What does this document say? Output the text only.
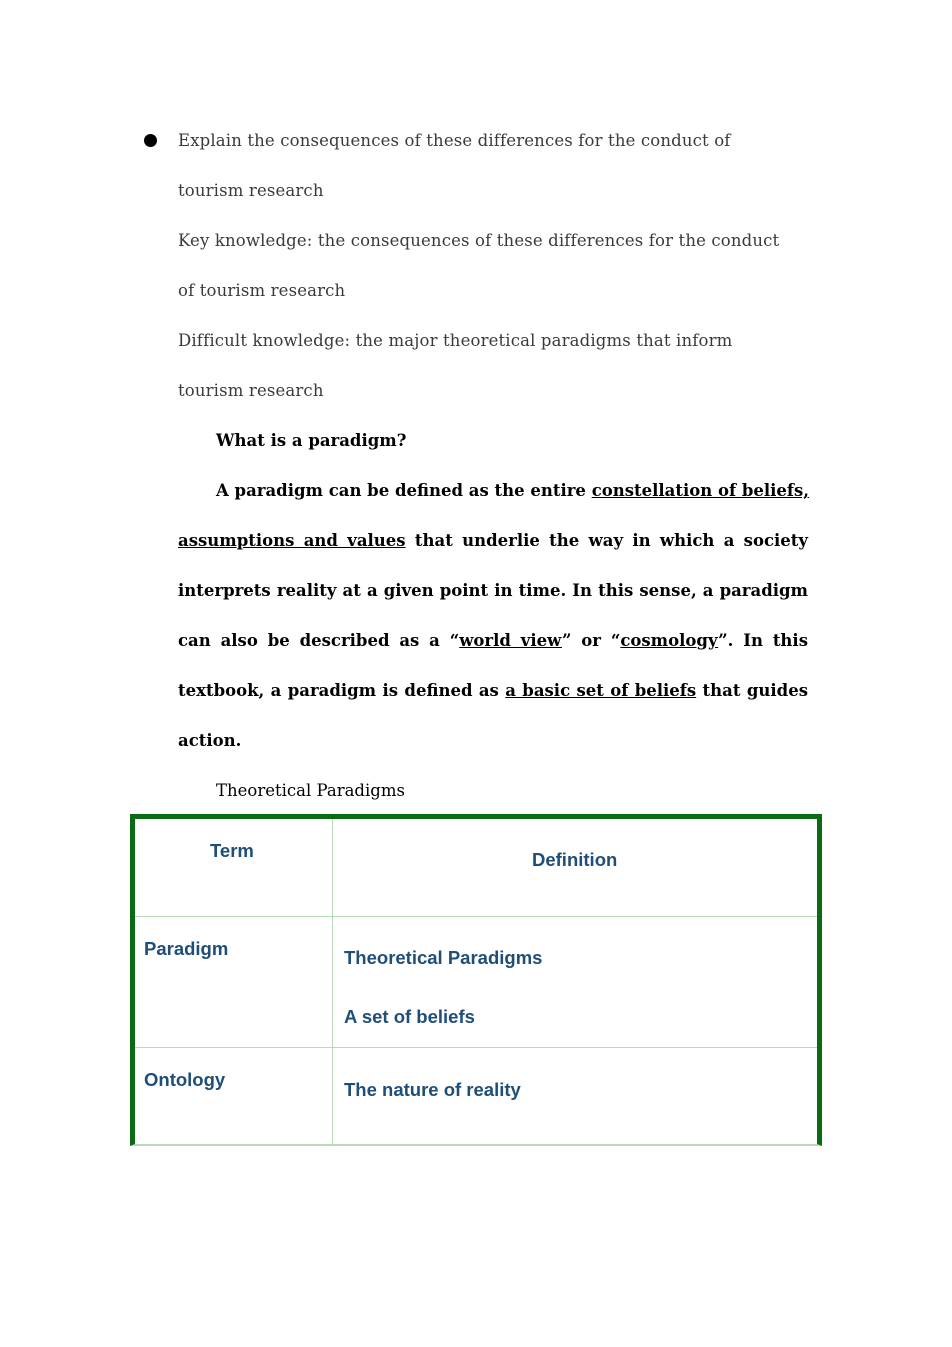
Explain the consequences of these differences for the conduct of
tourism research
Key knowledge: the consequences of these differences for the conduct
of tourism research
Difficult knowledge: the major theoretical paradigms that inform
tourism research
What is a paradigm?
A paradigm can be defined as the entire constellation of beliefs,
assumptions and values that underlie the way in which a society
interprets reality at a given point in time. In this sense, a paradigm
can also be described as a “world view” or “cosmology”. In this
textbook, a paradigm is defined as a basic set of beliefs that guides
action.
Theoretical Paradigms
Term	Definition
Paradigm	Theoretical Paradigms
A set of beliefs
Ontology	The nature of reality
